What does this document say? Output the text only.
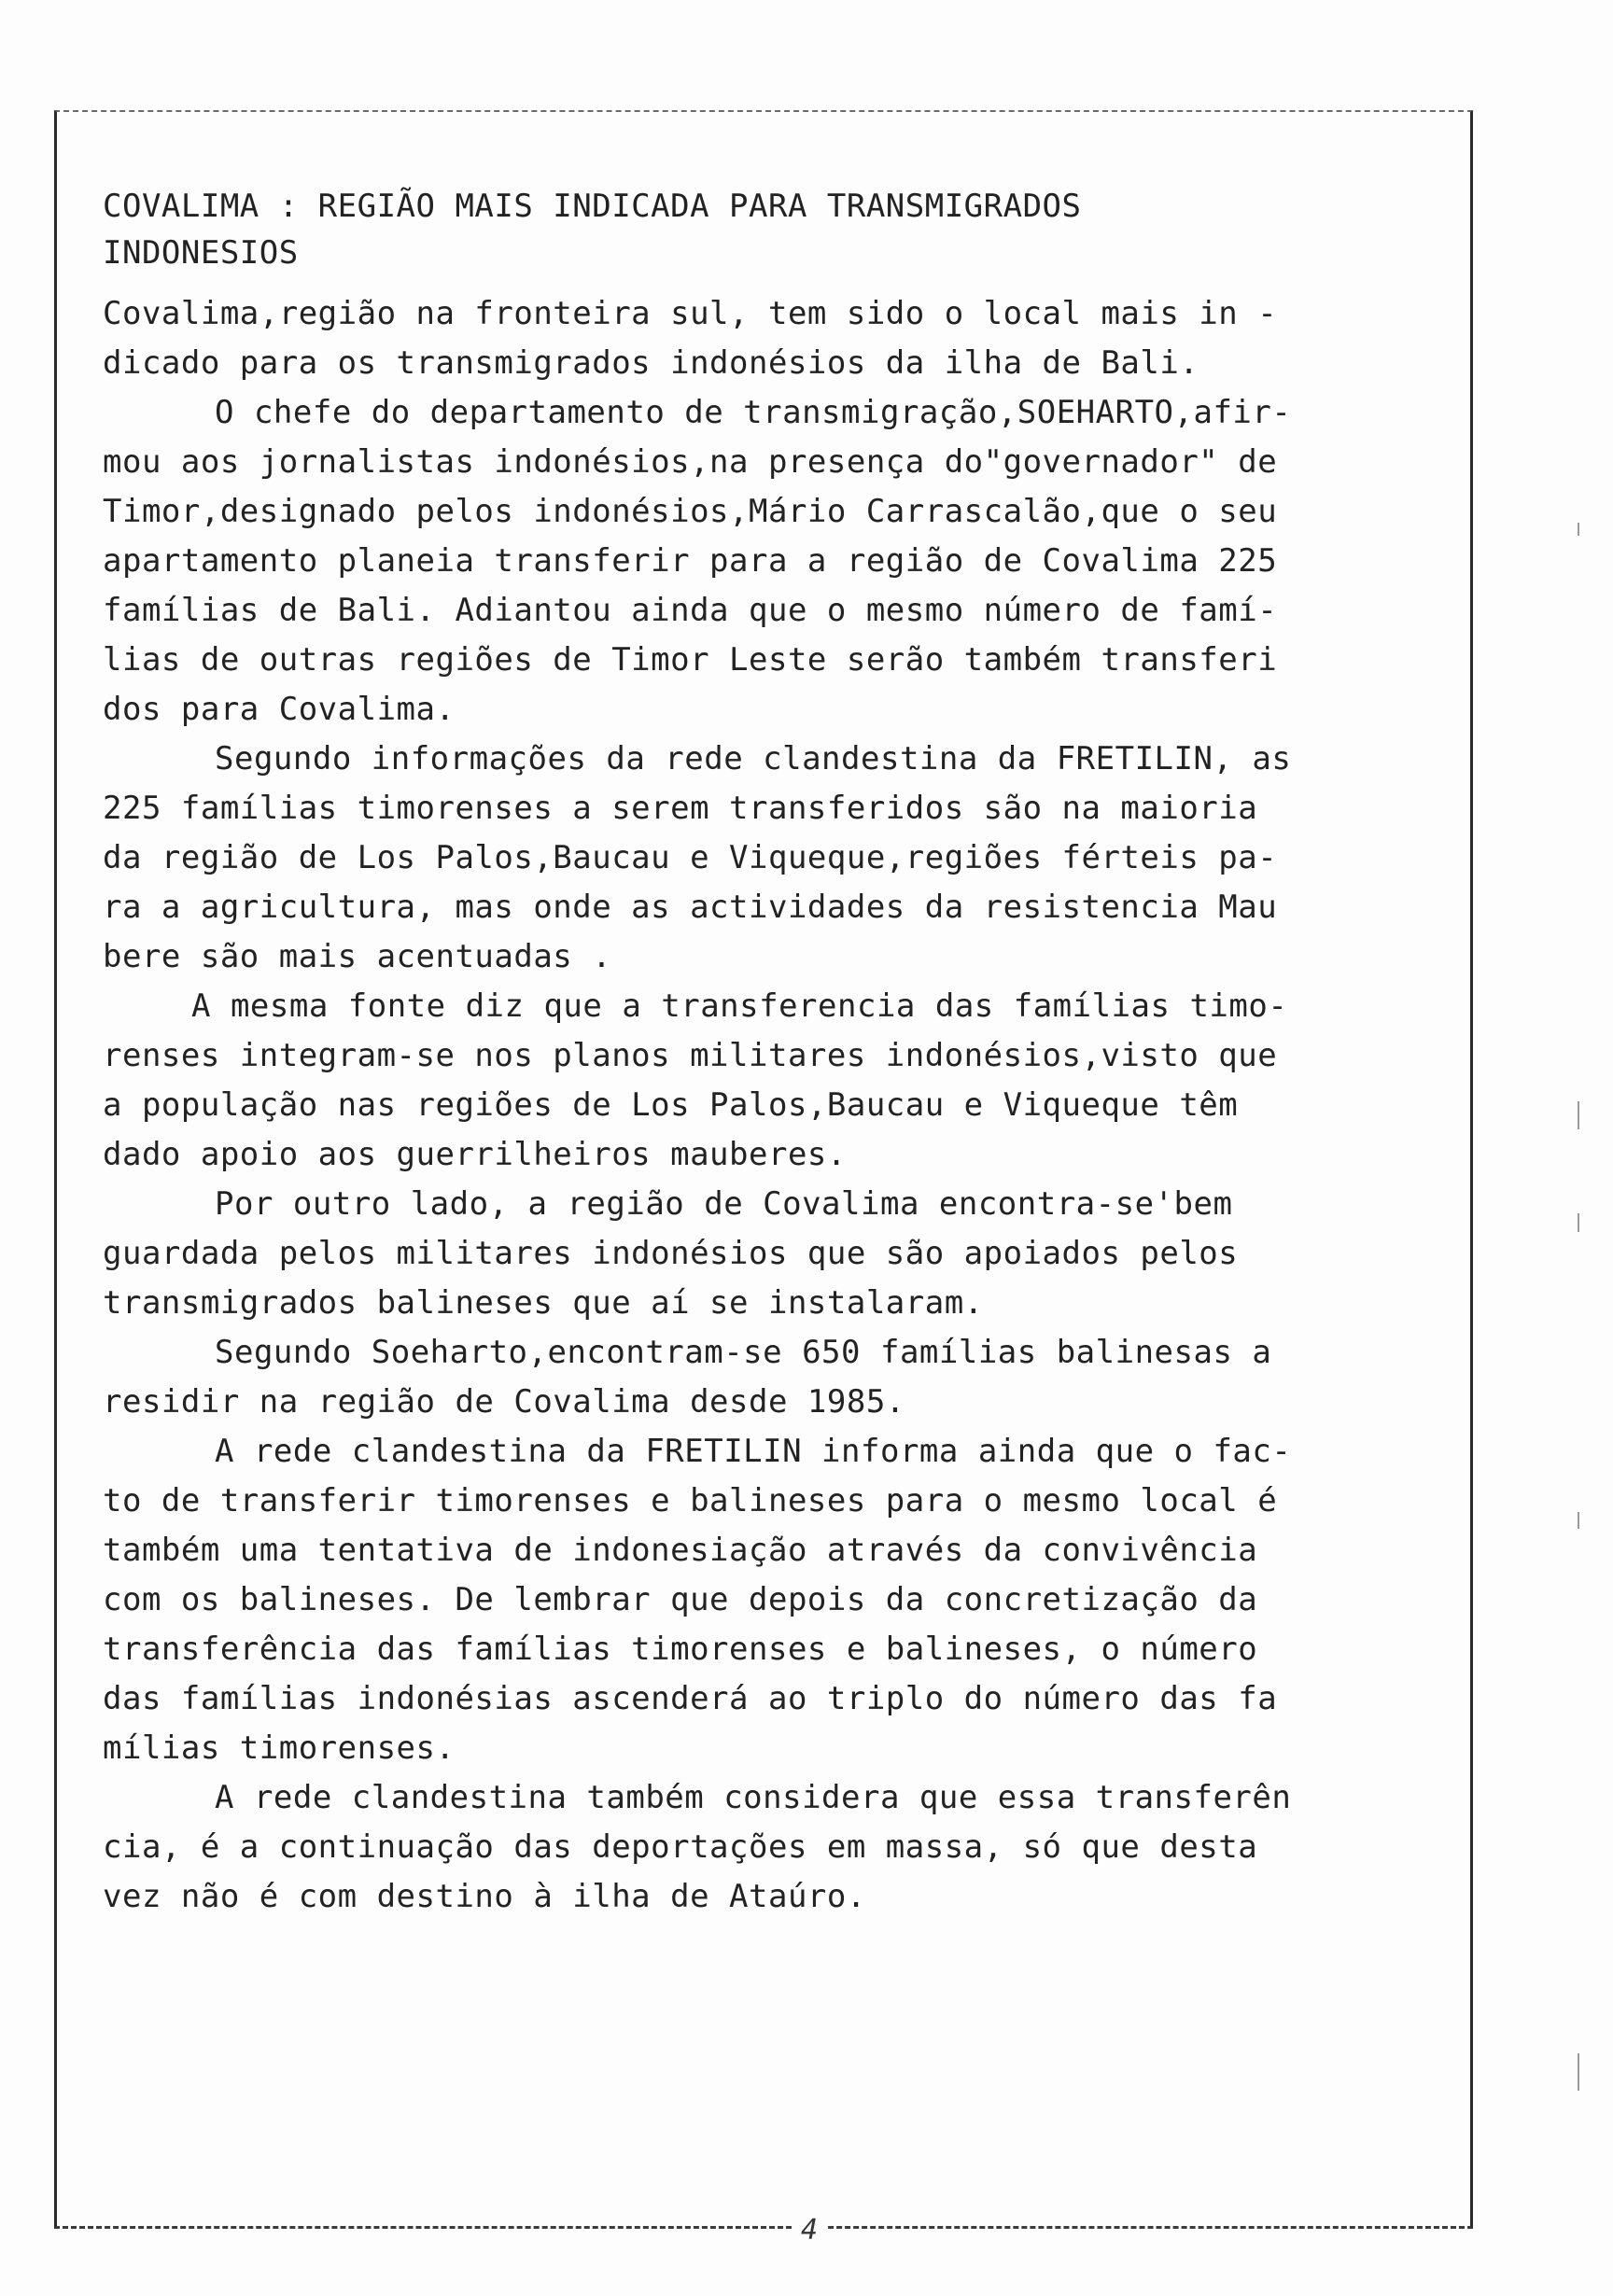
COVALIMA : REGIÃO MAIS INDICADA PARA TRANSMIGRADOS
INDONESIOS

Covalima,região na fronteira sul, tem sido o local mais in -
dicado para os transmigrados indonésios da ilha de Bali.

O chefe do departamento de transmigração,SOEHARTO,afir-
mou aos jornalistas indonésios,na presença do"governador" de
Timor,designado pelos indonésios,Mário Carrascalão,que o seu
apartamento planeia transferir para a região de Covalima 225
famílias de Bali. Adiantou ainda que o mesmo número de famí-
lias de outras regiões de Timor Leste serão também transferi
dos para Covalima.

Segundo informações da rede clandestina da FRETILIN, as
225 famílias timorenses a serem transferidos são na maioria
da região de Los Palos,Baucau e Viqueque,regiões férteis pa-
ra a agricultura, mas onde as actividades da resistencia Mau
bere são mais acentuadas .

A mesma fonte diz que a transferencia das famílias timo-
renses integram-se nos planos militares indonésios,visto que
a população nas regiões de Los Palos,Baucau e Viqueque têm
dado apoio aos guerrilheiros mauberes.

Por outro lado, a região de Covalima encontra-se'bem
guardada pelos militares indonésios que são apoiados pelos
transmigrados balineses que aí se instalaram.

Segundo Soeharto,encontram-se 650 famílias balinesas a
residir na região de Covalima desde 1985.

A rede clandestina da FRETILIN informa ainda que o fac-
to de transferir timorenses e balineses para o mesmo local é
também uma tentativa de indonesiação através da convivência
com os balineses. De lembrar que depois da concretização da
transferência das famílias timorenses e balineses, o número
das famílias indonésias ascenderá ao triplo do número das fa
mílias timorenses.

A rede clandestina também considera que essa transferên
cia, é a continuação das deportações em massa, só que desta
vez não é com destino à ilha de Ataúro.

4
